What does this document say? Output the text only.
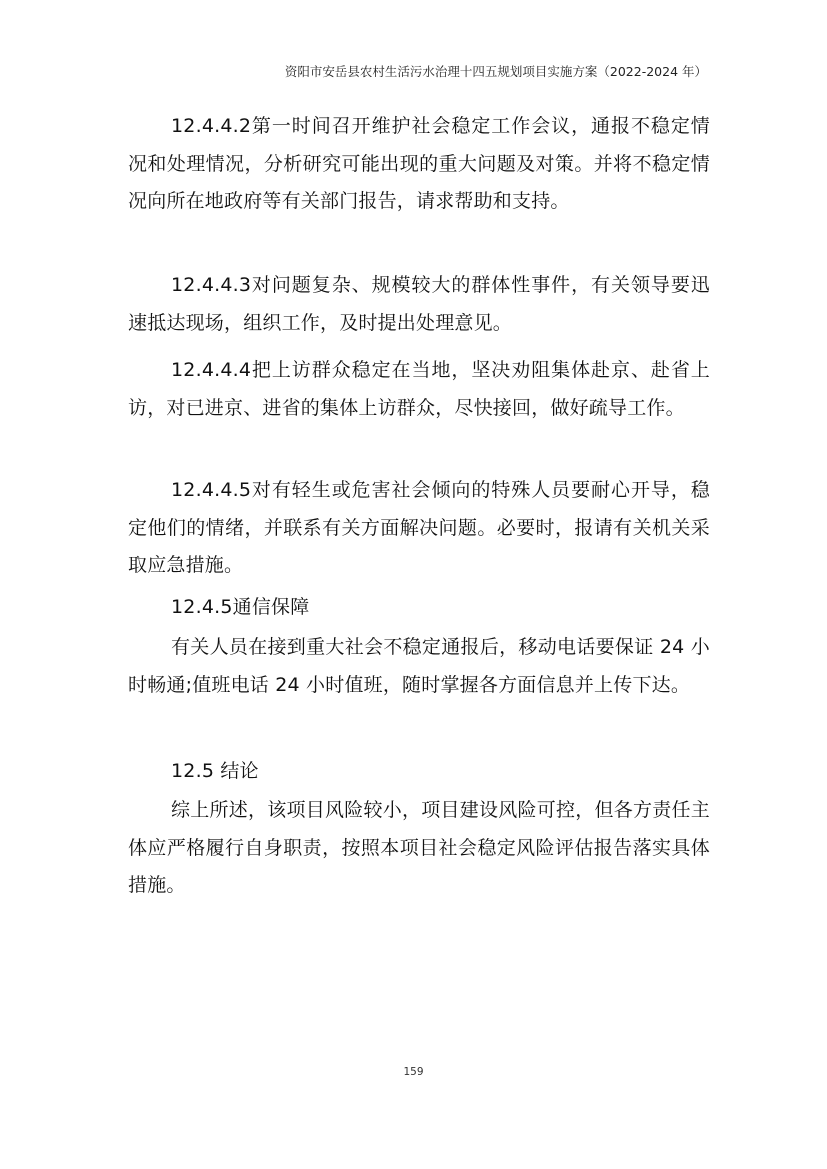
资阳市安岳县农村生活污水治理十四五规划项目实施方案（2022-2024 年）

12.4.4.2第一时间召开维护社会稳定工作会议，通报不稳定情况和处理情况，分析研究可能出现的重大问题及对策。并将不稳定情况向所在地政府等有关部门报告，请求帮助和支持。

12.4.4.3对问题复杂、规模较大的群体性事件，有关领导要迅速抵达现场，组织工作，及时提出处理意见。

12.4.4.4把上访群众稳定在当地，坚决劝阻集体赴京、赴省上访，对已进京、进省的集体上访群众，尽快接回，做好疏导工作。

12.4.4.5对有轻生或危害社会倾向的特殊人员要耐心开导，稳定他们的情绪，并联系有关方面解决问题。必要时，报请有关机关采取应急措施。

12.4.5通信保障

有关人员在接到重大社会不稳定通报后，移动电话要保证 24 小时畅通;值班电话 24 小时值班，随时掌握各方面信息并上传下达。

12.5 结论

综上所述，该项目风险较小，项目建设风险可控，但各方责任主体应严格履行自身职责，按照本项目社会稳定风险评估报告落实具体措施。

159
